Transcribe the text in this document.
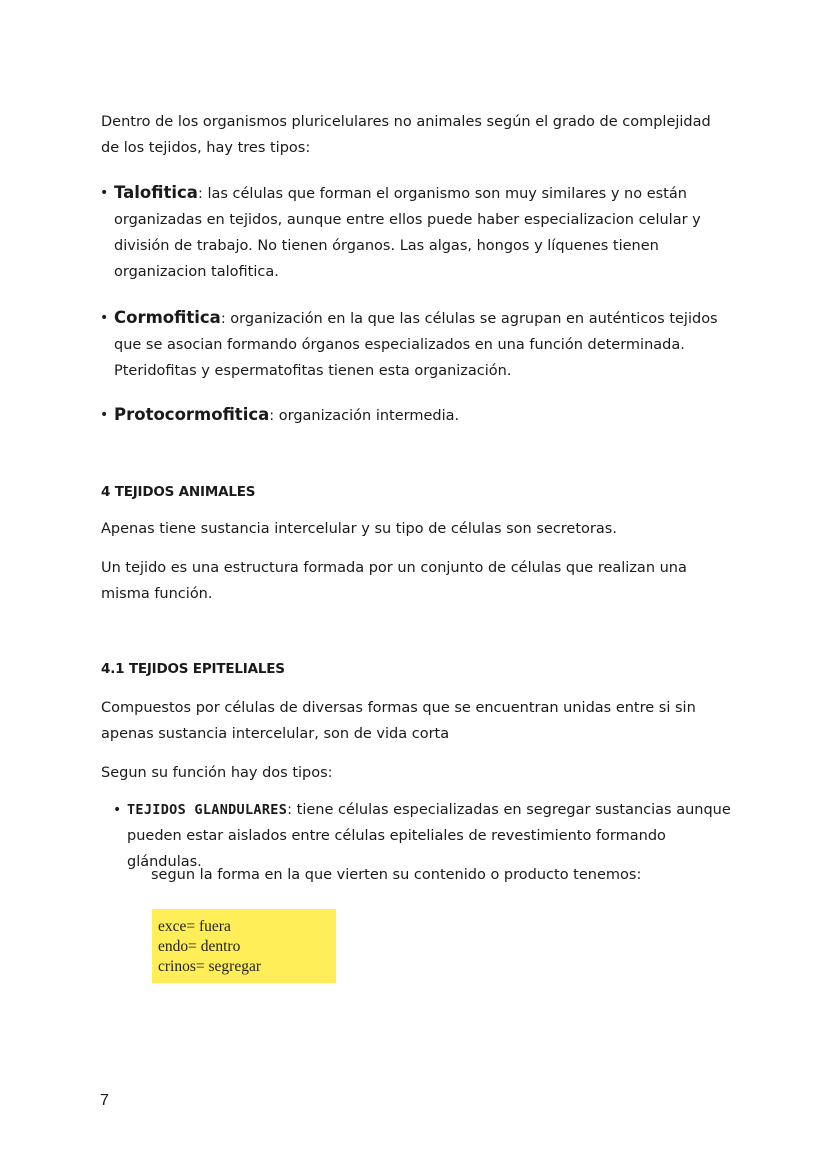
Dentro de los organismos pluricelulares no animales según el grado de complejidad de los tejidos, hay tres tipos:

• Talofitica: las células que forman el organismo son muy similares y no están organizadas en tejidos, aunque entre ellos puede haber especializacion celular y división de trabajo. No tienen órganos. Las algas, hongos y líquenes tienen organizacion talofitica.
• Cormofitica: organización en la que las células se agrupan en auténticos tejidos que se asocian formando órganos especializados en una función determinada. Pteridofitas y espermatofitas tienen esta organización.
• Protocormofitica: organización intermedia.
4 TEJIDOS ANIMALES

Apenas tiene sustancia intercelular y su tipo de células son secretoras.

Un tejido es una estructura formada por un conjunto de células que realizan una misma función.

4.1 TEJIDOS EPITELIALES

Compuestos por células de diversas formas que se encuentran unidas entre si sin apenas sustancia intercelular, son de vida corta

Segun su función hay dos tipos:

• TEJIDOS GLANDULARES: tiene células especializadas en segregar sustancias aunque pueden estar aislados entre células epiteliales de revestimiento formando glándulas.

segun la forma en la que vierten su contenido o producto tenemos:

exce= fuera
endo= dentro
crinos= segregar
7
